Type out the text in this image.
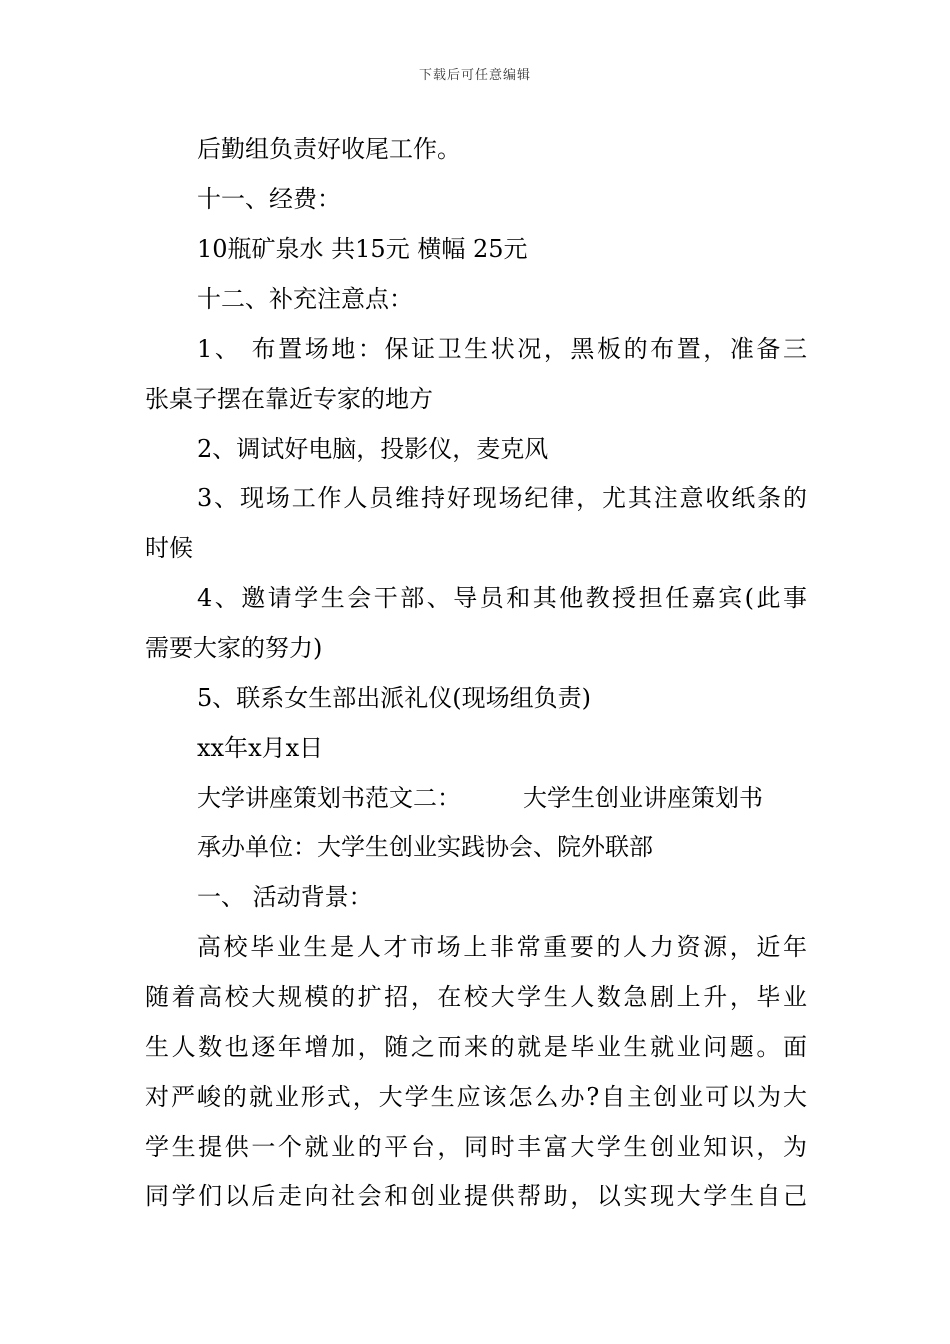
下载后可任意编辑
后勤组负责好收尾工作。
十一、经费：
10瓶矿泉水 共15元 横幅 25元
十二、补充注意点：
1、 布置场地：保证卫生状况，黑板的布置，准备三
张桌子摆在靠近专家的地方
2、调试好电脑，投影仪，麦克风
3、现场工作人员维持好现场纪律，尤其注意收纸条的
时候
4、邀请学生会干部、导员和其他教授担任嘉宾(此事
需要大家的努力)
5、联系女生部出派礼仪(现场组负责)
xx年x月x日
大学讲座策划书范文二：	大学生创业讲座策划书
承办单位：大学生创业实践协会、院外联部
一、 活动背景：
高校毕业生是人才市场上非常重要的人力资源，近年
随着高校大规模的扩招，在校大学生人数急剧上升，毕业
生人数也逐年增加，随之而来的就是毕业生就业问题。面
对严峻的就业形式，大学生应该怎么办?自主创业可以为大
学生提供一个就业的平台，同时丰富大学生创业知识，为
同学们以后走向社会和创业提供帮助，以实现大学生自己
